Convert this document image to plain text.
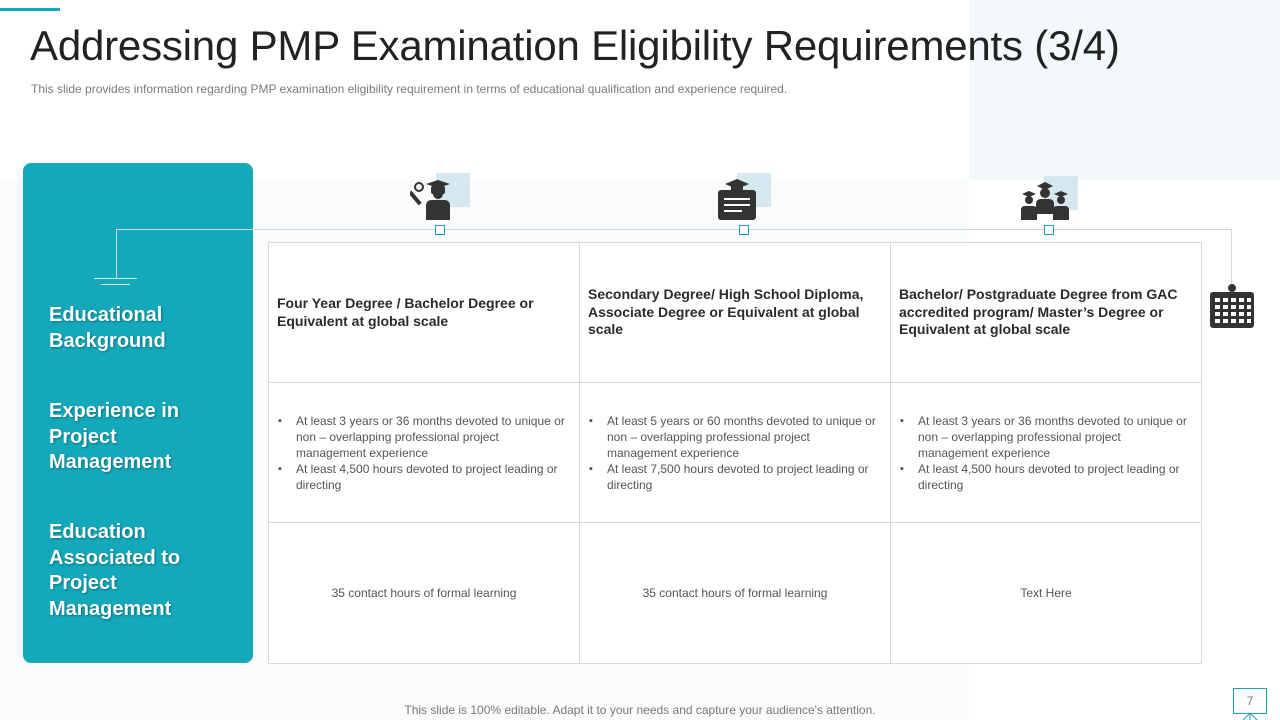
Addressing PMP Examination Eligibility Requirements (3/4)

This slide provides information regarding PMP examination eligibility requirement in terms of educational qualification and experience required.

Educational Background
Experience in Project Management
Education Associated to Project Management
Four Year Degree / Bachelor Degree or Equivalent at global scale
Secondary Degree/ High School Diploma, Associate Degree or Equivalent at global scale
Bachelor/ Postgraduate Degree from GAC accredited program/ Master’s Degree or Equivalent at global scale
▪ At least 3 years or 36 months devoted to unique or non – overlapping professional project management experience
▪ At least 4,500 hours devoted to project leading or directing
▪ At least 5 years or 60 months devoted to unique or non – overlapping professional project management experience
▪ At least 7,500 hours devoted to project leading or directing
▪ At least 3 years or 36 months devoted to unique or non – overlapping professional project management experience
▪ At least 4,500 hours devoted to project leading or directing
35 contact hours of formal learning	35 contact hours of formal learning	Text Here

This slide is 100% editable. Adapt it to your needs and capture your audience's attention.

7
